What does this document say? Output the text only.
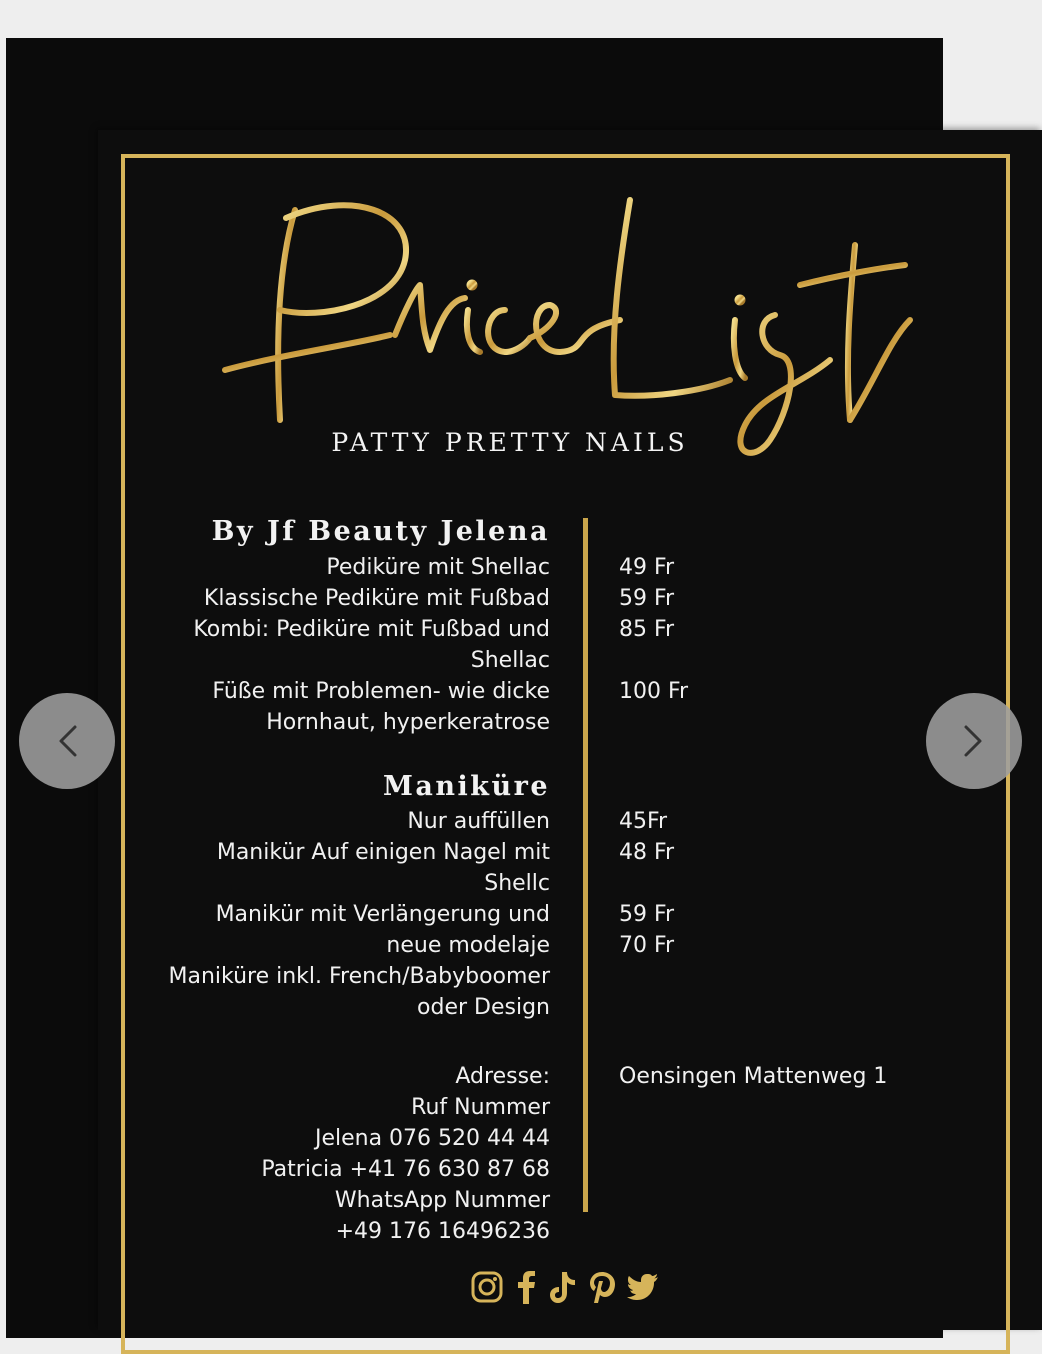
PATTY PRETTY NAILS
By Jf Beauty Jelena
Pediküre mit Shellac
Klassische Pediküre mit Fußbad
Kombi: Pediküre mit Fußbad und
Shellac
Füße mit Problemen- wie dicke
Hornhaut, hyperkeratrose
49 Fr
59 Fr
85 Fr
100 Fr
Maniküre
Nur auffüllen
Manikür Auf einigen Nagel mit
Shellc
Manikür mit Verlängerung und
neue modelaje
Maniküre inkl. French/Babyboomer
oder Design
45Fr
48 Fr
59 Fr
70 Fr
Adresse:
Ruf Nummer
Jelena 076 520 44 44
Patricia +41 76 630 87 68
WhatsApp Nummer
+49 176 16496236
Oensingen Mattenweg 1
